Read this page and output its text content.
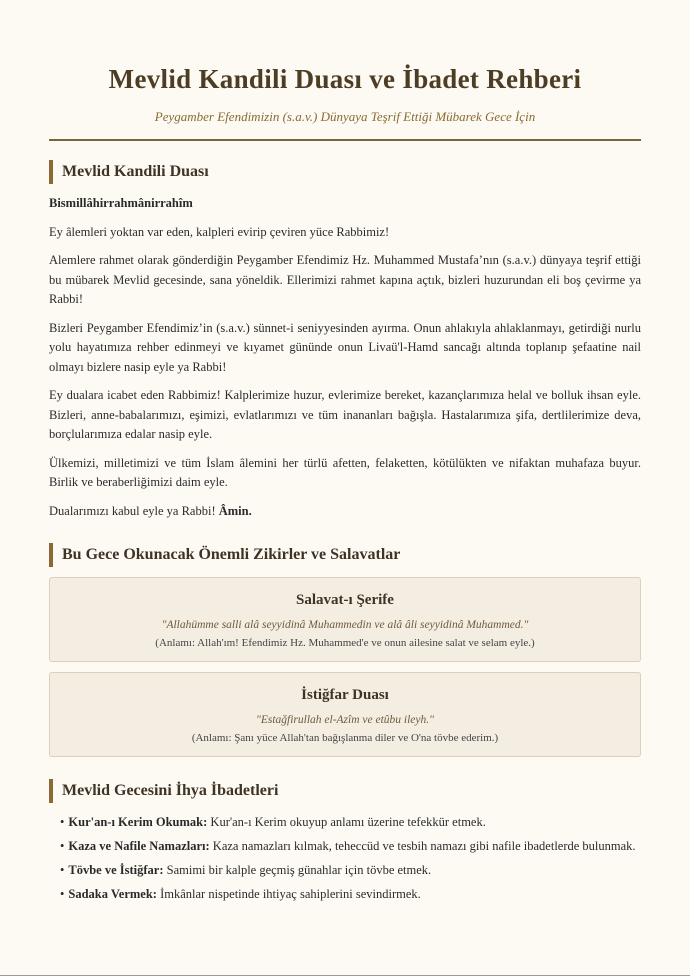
Mevlid Kandili Duası ve İbadet Rehberi
Peygamber Efendimizin (s.a.v.) Dünyaya Teşrif Ettiği Mübarek Gece İçin
Mevlid Kandili Duası

Bismillâhirrahmânirrahîm

Ey âlemleri yoktan var eden, kalpleri evirip çeviren yüce Rabbimiz!

Alemlere rahmet olarak gönderdiğin Peygamber Efendimiz Hz. Muhammed Mustafa’nın (s.a.v.) dünyaya teşrif ettiği bu mübarek Mevlid gecesinde, sana yöneldik. Ellerimizi rahmet kapına açtık, bizleri huzurundan eli boş çevirme ya Rabbi!

Bizleri Peygamber Efendimiz’in (s.a.v.) sünnet-i seniyyesinden ayırma. Onun ahlakıyla ahlaklanmayı, getirdiği nurlu yolu hayatımıza rehber edinmeyi ve kıyamet gününde onun Livaü'l-Hamd sancağı altında toplanıp şefaatine nail olmayı bizlere nasip eyle ya Rabbi!

Ey dualara icabet eden Rabbimiz! Kalplerimize huzur, evlerimize bereket, kazançlarımıza helal ve bolluk ihsan eyle. Bizleri, anne-babalarımızı, eşimizi, evlatlarımızı ve tüm inananları bağışla. Hastalarımıza şifa, dertlilerimize deva, borçlularımıza edalar nasip eyle.

Ülkemizi, milletimizi ve tüm İslam âlemini her türlü afetten, felaketten, kötülükten ve nifaktan muhafaza buyur. Birlik ve beraberliğimizi daim eyle.

Dualarımızı kabul eyle ya Rabbi! Âmin.

Bu Gece Okunacak Önemli Zikirler ve Salavatlar
Salavat-ı Şerife
"Allahümme salli alâ seyyidinâ Muhammedin ve alâ âli seyyidinâ Muhammed."
(Anlamı: Allah'ım! Efendimiz Hz. Muhammed'e ve onun ailesine salat ve selam eyle.)
İstiğfar Duası
"Estağfirullah el-Azîm ve etûbu ileyh."
(Anlamı: Şanı yüce Allah'tan bağışlanma diler ve O'na tövbe ederim.)
Mevlid Gecesini İhya İbadetleri
• Kur'an-ı Kerim Okumak: Kur'an-ı Kerim okuyup anlamı üzerine tefekkür etmek.
• Kaza ve Nafile Namazları: Kaza namazları kılmak, teheccüd ve tesbih namazı gibi nafile ibadetlerde bulunmak.
• Tövbe ve İstiğfar: Samimi bir kalple geçmiş günahlar için tövbe etmek.
• Sadaka Vermek: İmkânlar nispetinde ihtiyaç sahiplerini sevindirmek.
